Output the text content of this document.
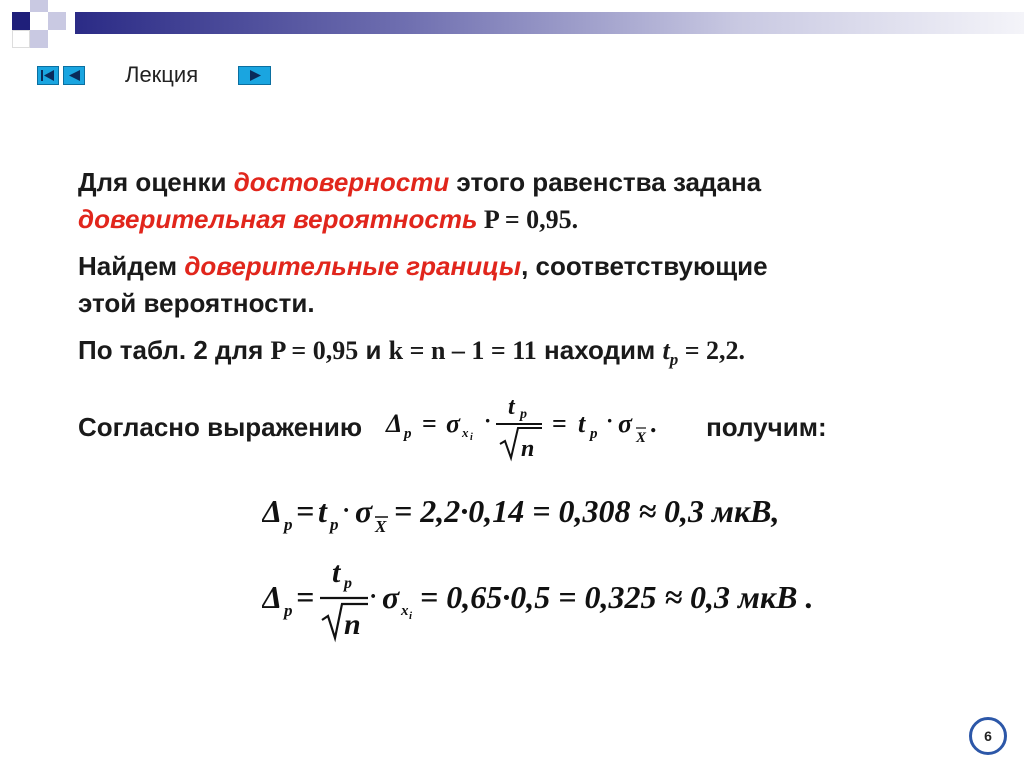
Лекция

Для оценки достоверности этого равенства задана
доверительная вероятность P = 0,95.

Найдем доверительные границы, соответствующие
этой вероятности.

По табл. 2 для P = 0,95 и k = n – 1 = 11 находим $t_p = 2,2$.

Согласно выражению Δ p = σ x i
·
t p
n
= t p
· σ X . получим:
Δ p = t p
· σ X = 2,2·0,14 = 0,308 ≈ 0,3 мкВ,
Δ p =
t p
n
· σ x i
= 0,65·0,5 = 0,325 ≈ 0,3 мкВ .
6
